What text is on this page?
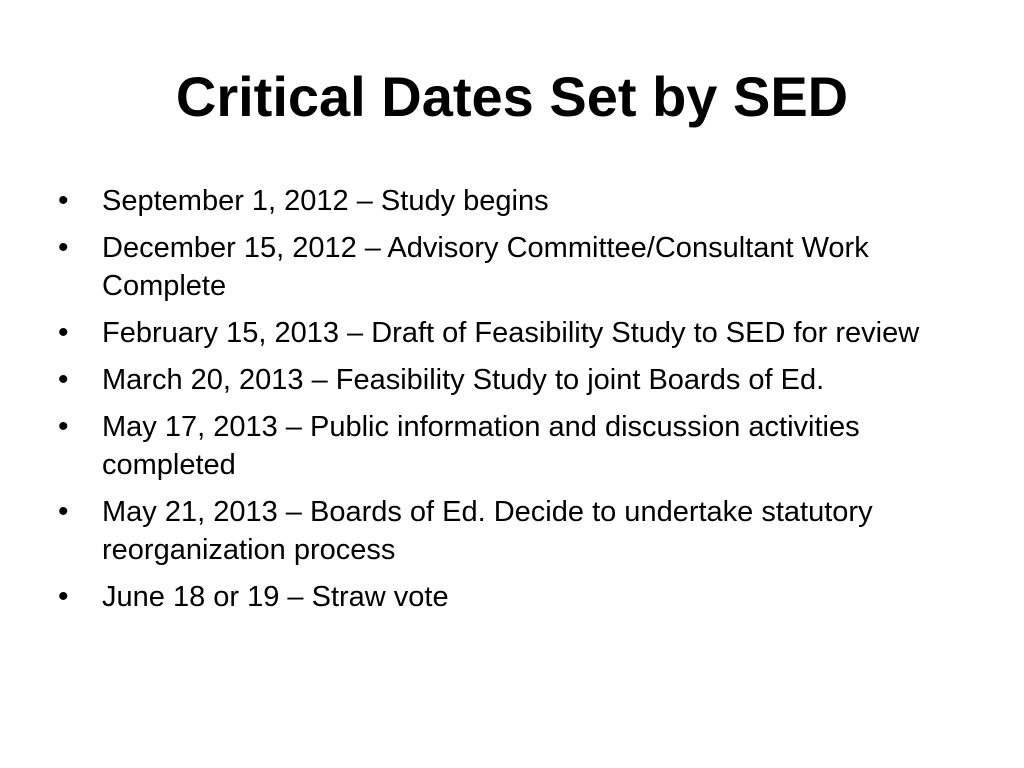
Critical Dates Set by SED
•	September 1, 2012 – Study begins
•	December 15, 2012 – Advisory Committee/Consultant Work Complete
•	February 15, 2013 – Draft of Feasibility Study to SED for review
•	March 20, 2013 – Feasibility Study to joint Boards of Ed.
•	May 17, 2013 – Public information and discussion activities completed
•	May 21, 2013 – Boards of Ed. Decide to undertake statutory reorganization process
•	June 18 or 19 – Straw vote
